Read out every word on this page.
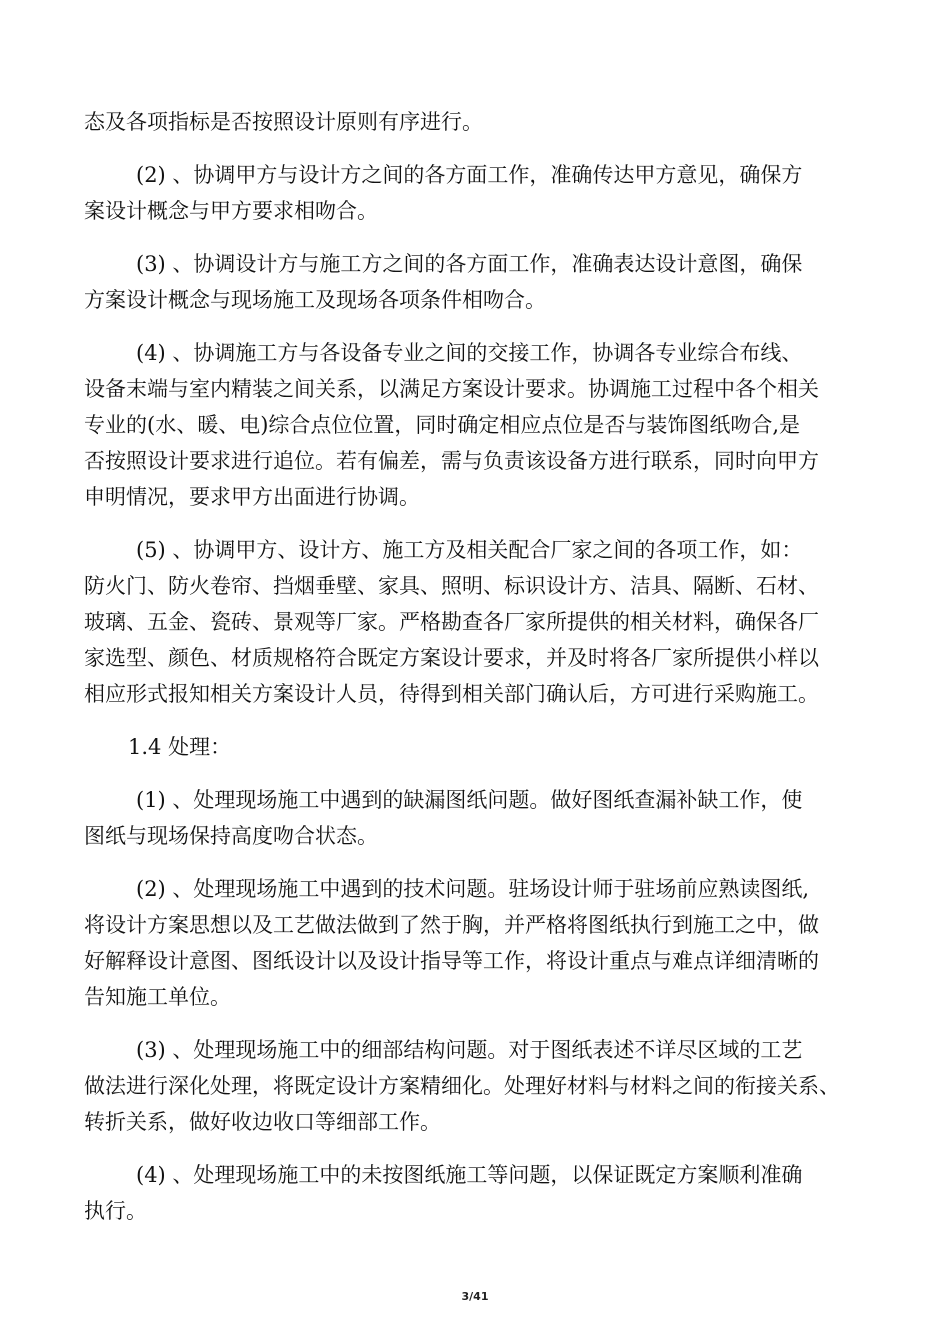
态及各项指标是否按照设计原则有序进行。
(2) 、协调甲方与设计方之间的各方面工作，准确传达甲方意见，确保方
案设计概念与甲方要求相吻合。
(3) 、协调设计方与施工方之间的各方面工作，准确表达设计意图，确保
方案设计概念与现场施工及现场各项条件相吻合。
(4) 、协调施工方与各设备专业之间的交接工作，协调各专业综合布线、
设备末端与室内精装之间关系，以满足方案设计要求。协调施工过程中各个相关
专业的(水、暖、电)综合点位位置，同时确定相应点位是否与装饰图纸吻合,是
否按照设计要求进行追位。若有偏差，需与负责该设备方进行联系，同时向甲方
申明情况，要求甲方出面进行协调。
(5) 、协调甲方、设计方、施工方及相关配合厂家之间的各项工作，如：
防火门、防火卷帘、挡烟垂壁、家具、照明、标识设计方、洁具、隔断、石材、
玻璃、五金、瓷砖、景观等厂家。严格勘查各厂家所提供的相关材料，确保各厂
家选型、颜色、材质规格符合既定方案设计要求，并及时将各厂家所提供小样以
相应形式报知相关方案设计人员，待得到相关部门确认后，方可进行采购施工。
1.4 处理：
(1) 、处理现场施工中遇到的缺漏图纸问题。做好图纸查漏补缺工作，使
图纸与现场保持高度吻合状态。
(2) 、处理现场施工中遇到的技术问题。驻场设计师于驻场前应熟读图纸,
将设计方案思想以及工艺做法做到了然于胸，并严格将图纸执行到施工之中，做
好解释设计意图、图纸设计以及设计指导等工作，将设计重点与难点详细清晰的
告知施工单位。
(3) 、处理现场施工中的细部结构问题。对于图纸表述不详尽区域的工艺
做法进行深化处理，将既定设计方案精细化。处理好材料与材料之间的衔接关系、
转折关系，做好收边收口等细部工作。
(4) 、处理现场施工中的未按图纸施工等问题，以保证既定方案顺利准确
执行。
3/41
